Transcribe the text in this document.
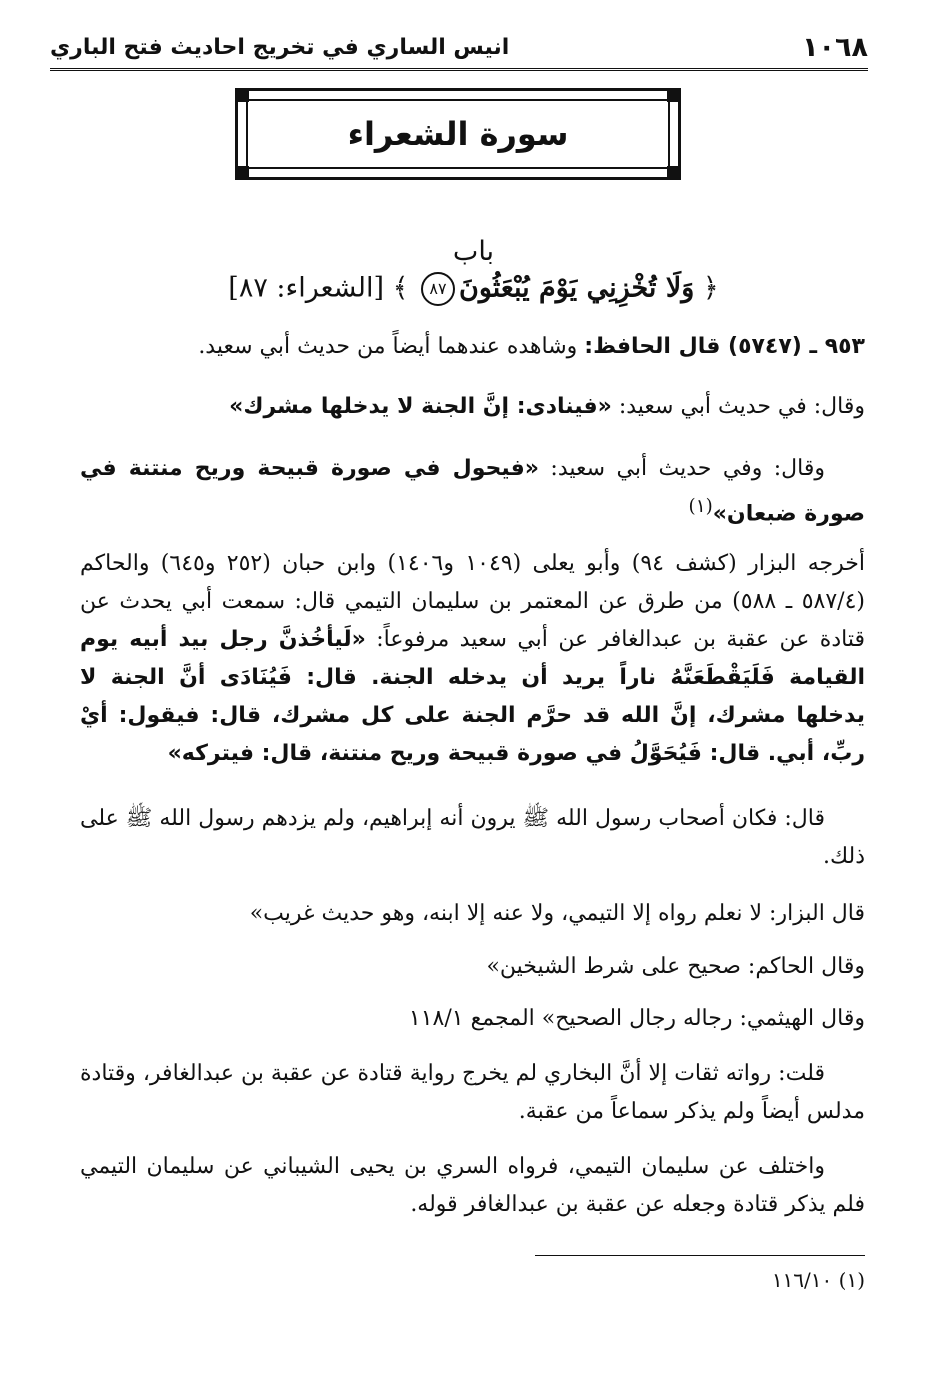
١٠٦٨
انيس الساري في تخريج احاديث فتح الباري
سورة الشعراء
باب
﴿ وَلَا تُخْزِنِي يَوْمَ يُبْعَثُونَ٨٧ ﴾ [الشعراء: ٨٧]
٩٥٣ ـ (٥٧٤٧) قال الحافظ: وشاهده عندهما أيضاً من حديث أبي سعيد.
وقال: في حديث أبي سعيد: «فينادى: إنَّ الجنة لا يدخلها مشرك»
وقال: وفي حديث أبي سعيد: «فيحول في صورة قبيحة وريح منتنة في صورة ضبعان»$^{(١)}$
أخرجه البزار (كشف ٩٤) وأبو يعلى (١٠٤٩ و١٤٠٦) وابن حبان (٢٥٢ و٦٤٥) والحاكم (٥٨٧/٤ ـ ٥٨٨) من طرق عن المعتمر بن سليمان التيمي قال: سمعت أبي يحدث عن قتادة عن عقبة بن عبدالغافر عن أبي سعيد مرفوعاً: «لَيأخُذنَّ رجل بيد أبيه يوم القيامة فَلَيَقْطَعَنَّهُ ناراً يريد أن يدخله الجنة. قال: فَيُنَادَى أنَّ الجنة لا يدخلها مشرك، إنَّ الله قد حرَّم الجنة على كل مشرك، قال: فيقول: أيْ ربِّ، أبي. قال: فَيُحَوَّلُ في صورة قبيحة وريح منتنة، قال: فيتركه»
قال: فكان أصحاب رسول الله ﷺ يرون أنه إبراهيم، ولم يزدهم رسول الله ﷺ على ذلك.
قال البزار: لا نعلم رواه إلا التيمي، ولا عنه إلا ابنه، وهو حديث غريب»
وقال الحاكم: صحيح على شرط الشيخين»
وقال الهيثمي: رجاله رجال الصحيح» المجمع ١١٨/١
قلت: رواته ثقات إلا أنَّ البخاري لم يخرج رواية قتادة عن عقبة بن عبدالغافر، وقتادة مدلس أيضاً ولم يذكر سماعاً من عقبة.
واختلف عن سليمان التيمي، فرواه السري بن يحيى الشيباني عن سليمان التيمي فلم يذكر قتادة وجعله عن عقبة بن عبدالغافر قوله.
(١) ١١٦/١٠
